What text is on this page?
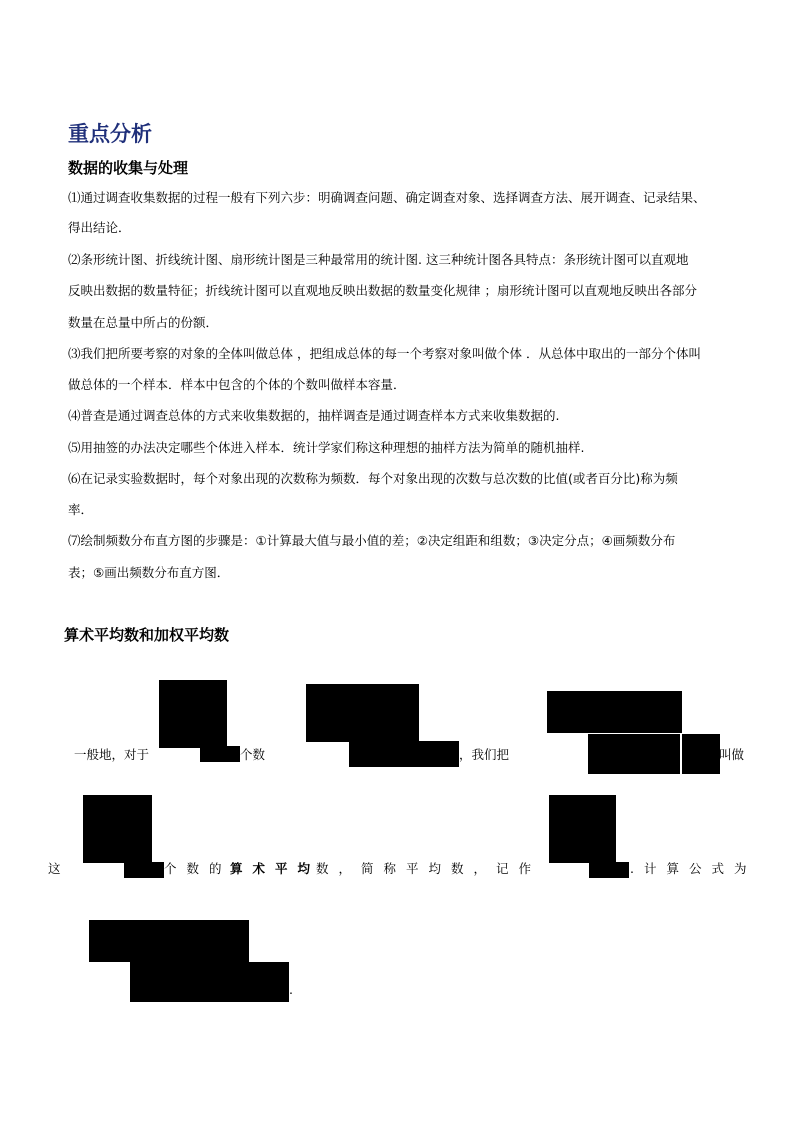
重点分析
数据的收集与处理
⑴通过调查收集数据的过程一般有下列六步：明确调查问题、确定调查对象、选择调查方法、展开调查、记录结果、
得出结论．
⑵条形统计图、折线统计图、扇形统计图是三种最常用的统计图. 这三种统计图各具特点：条形统计图可以直观地
反映出数据的数量特征；折线统计图可以直观地反映出数据的数量变化规律 ；扇形统计图可以直观地反映出各部分
数量在总量中所占的份额．
⑶我们把所要考察的对象的全体叫做总体 ，把组成总体的每一个考察对象叫做个体 ．从总体中取出的一部分个体叫
做总体的一个样本．样本中包含的个体的个数叫做样本容量．
⑷普查是通过调查总体的方式来收集数据的，抽样调查是通过调查样本方式来收集数据的.
⑸用抽签的办法决定哪些个体进入样本．统计学家们称这种理想的抽样方法为简单的随机抽样.
⑹在记录实验数据时，每个对象出现的次数称为频数．每个对象出现的次数与总次数的比值(或者百分比)称为频
率．
⑺绘制频数分布直方图的步骤是：①计算最大值与最小值的差；②决定组距和组数；③决定分点；④画频数分布
表；⑤画出频数分布直方图．
算术平均数和加权平均数
一般地，对于	个数	，我们把	叫做
这	个数的
算术平均
数，简称平均数，记作	.计算公式为
.
